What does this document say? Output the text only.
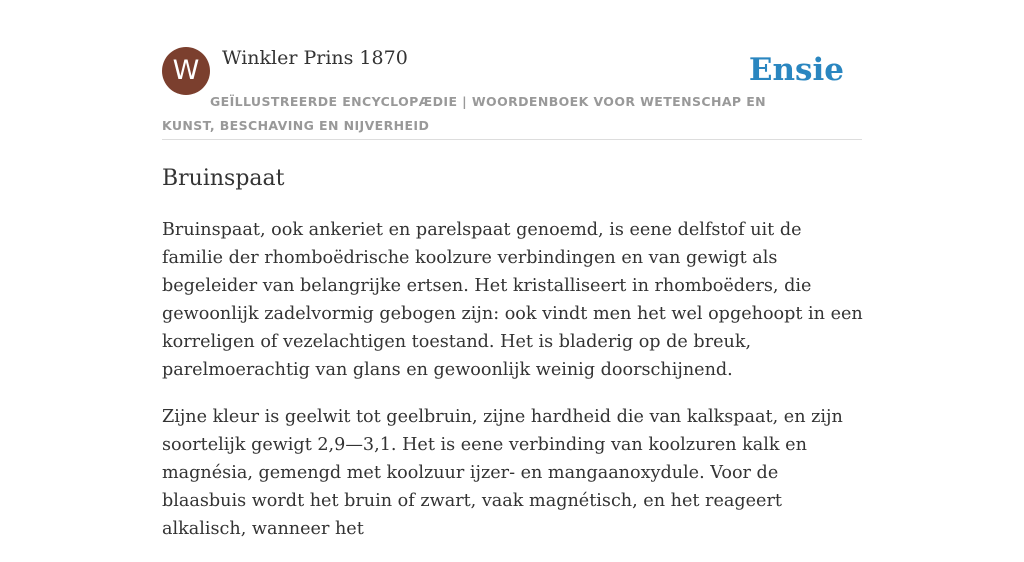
W	Winkler Prins 1870
GEÏLLUSTREERDE ENCYCLOPÆDIE | WOORDENBOEK VOOR WETENSCHAP EN KUNST, BESCHAVING EN NIJVERHEID
Ensie
Bruinspaat

Bruinspaat, ook ankeriet en parelspaat genoemd, is eene delfstof uit de familie der rhomboëdrische koolzure verbindingen en van gewigt als begeleider van belangrijke ertsen. Het kristalliseert in rhomboëders, die gewoonlijk zadelvormig gebogen zijn: ook vindt men het wel opgehoopt in een korreligen of vezelachtigen toestand. Het is bladerig op de breuk, parelmoerachtig van glans en gewoonlijk weinig doorschijnend.

Zijne kleur is geelwit tot geelbruin, zijne hardheid die van kalkspaat, en zijn soortelijk gewigt 2,9—3,1. Het is eene verbinding van koolzuren kalk en magnésia, gemengd met koolzuur ijzer- en mangaanoxydule. Voor de blaasbuis wordt het bruin of zwart, vaak magnétisch, en het reageert alkalisch, wanneer het
